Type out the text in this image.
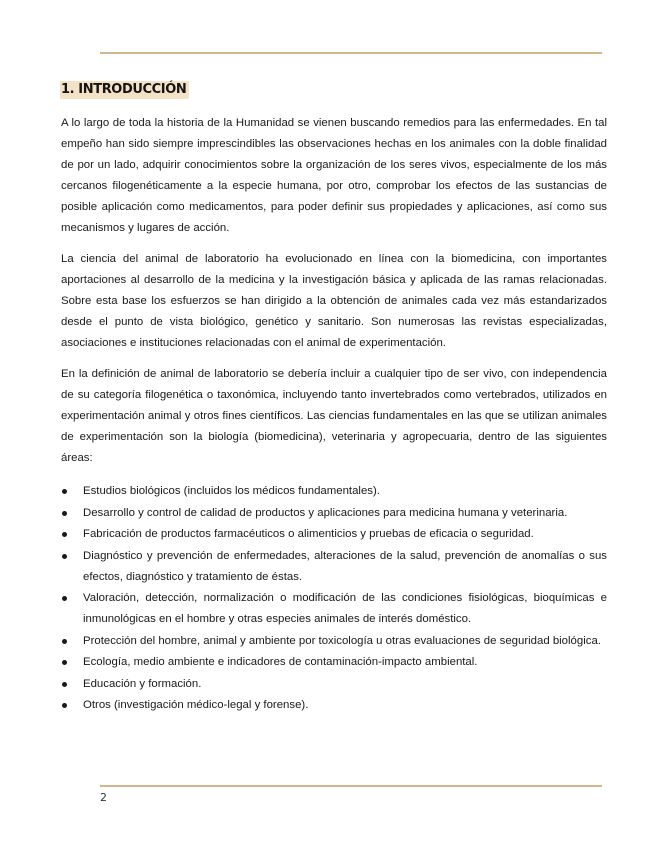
1. INTRODUCCIÓN

A lo largo de toda la historia de la Humanidad se vienen buscando remedios para las enfermedades. En tal empeño han sido siempre imprescindibles las observaciones hechas en los animales con la doble finalidad de por un lado, adquirir conocimientos sobre la organización de los seres vivos, especialmente de los más cercanos filogenéticamente a la especie humana, por otro, comprobar los efectos de las sustancias de posible aplicación como medicamentos, para poder definir sus propiedades y aplicaciones, así como sus mecanismos y lugares de acción.

La ciencia del animal de laboratorio ha evolucionado en línea con la biomedicina, con importantes aportaciones al desarrollo de la medicina y la investigación básica y aplicada de las ramas relacionadas. Sobre esta base los esfuerzos se han dirigido a la obtención de animales cada vez más estandarizados desde el punto de vista biológico, genético y sanitario. Son numerosas las revistas especializadas, asociaciones e instituciones relacionadas con el animal de experimentación.

En la definición de animal de laboratorio se debería incluir a cualquier tipo de ser vivo, con independencia de su categoría filogenética o taxonómica, incluyendo tanto invertebrados como vertebrados, utilizados en experimentación animal y otros fines científicos. Las ciencias fundamentales en las que se utilizan animales de experimentación son la biología (biomedicina), veterinaria y agropecuaria, dentro de las siguientes áreas:

Estudios biológicos (incluidos los médicos fundamentales).
Desarrollo y control de calidad de productos y aplicaciones para medicina humana y veterinaria.
Fabricación de productos farmacéuticos o alimenticios y pruebas de eficacia o seguridad.
Diagnóstico y prevención de enfermedades, alteraciones de la salud, prevención de anomalías o sus efectos, diagnóstico y tratamiento de éstas.
Valoración, detección, normalización o modificación de las condiciones fisiológicas, bioquímicas e inmunológicas en el hombre y otras especies animales de interés doméstico.
Protección del hombre, animal y ambiente por toxicología u otras evaluaciones de seguridad biológica.
Ecología, medio ambiente e indicadores de contaminación-impacto ambiental.
Educación y formación.
Otros (investigación médico-legal y forense).
2
